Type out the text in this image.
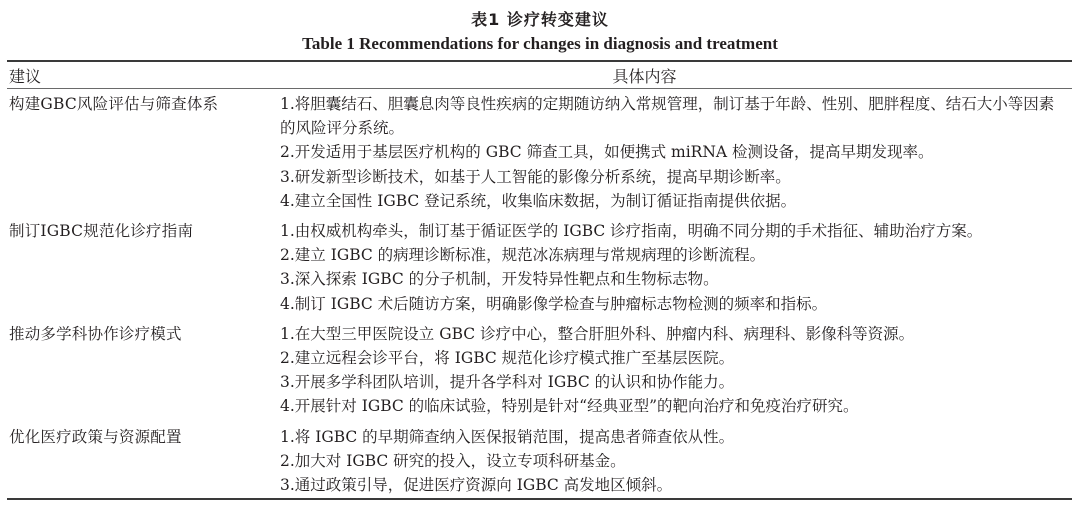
表1 诊疗转变建议
Table 1 Recommendations for changes in diagnosis and treatment
建议	具体内容
构建GBC风险评估与筛查体系	1.将胆囊结石、胆囊息肉等良性疾病的定期随访纳入常规管理，制订基于年龄、性别、肥胖程度、结石大小等因素的风险评分系统。
2.开发适用于基层医疗机构的 GBC 筛查工具，如便携式 miRNA 检测设备，提高早期发现率。
3.研发新型诊断技术，如基于人工智能的影像分析系统，提高早期诊断率。
4.建立全国性 IGBC 登记系统，收集临床数据，为制订循证指南提供依据。
制订IGBC规范化诊疗指南	1.由权威机构牵头，制订基于循证医学的 IGBC 诊疗指南，明确不同分期的手术指征、辅助治疗方案。
2.建立 IGBC 的病理诊断标准，规范冰冻病理与常规病理的诊断流程。
3.深入探索 IGBC 的分子机制，开发特异性靶点和生物标志物。
4.制订 IGBC 术后随访方案，明确影像学检查与肿瘤标志物检测的频率和指标。
推动多学科协作诊疗模式	1.在大型三甲医院设立 GBC 诊疗中心，整合肝胆外科、肿瘤内科、病理科、影像科等资源。
2.建立远程会诊平台，将 IGBC 规范化诊疗模式推广至基层医院。
3.开展多学科团队培训，提升各学科对 IGBC 的认识和协作能力。
4.开展针对 IGBC 的临床试验，特别是针对“经典亚型”的靶向治疗和免疫治疗研究。
优化医疗政策与资源配置	1.将 IGBC 的早期筛查纳入医保报销范围，提高患者筛查依从性。
2.加大对 IGBC 研究的投入，设立专项科研基金。
3.通过政策引导，促进医疗资源向 IGBC 高发地区倾斜。
